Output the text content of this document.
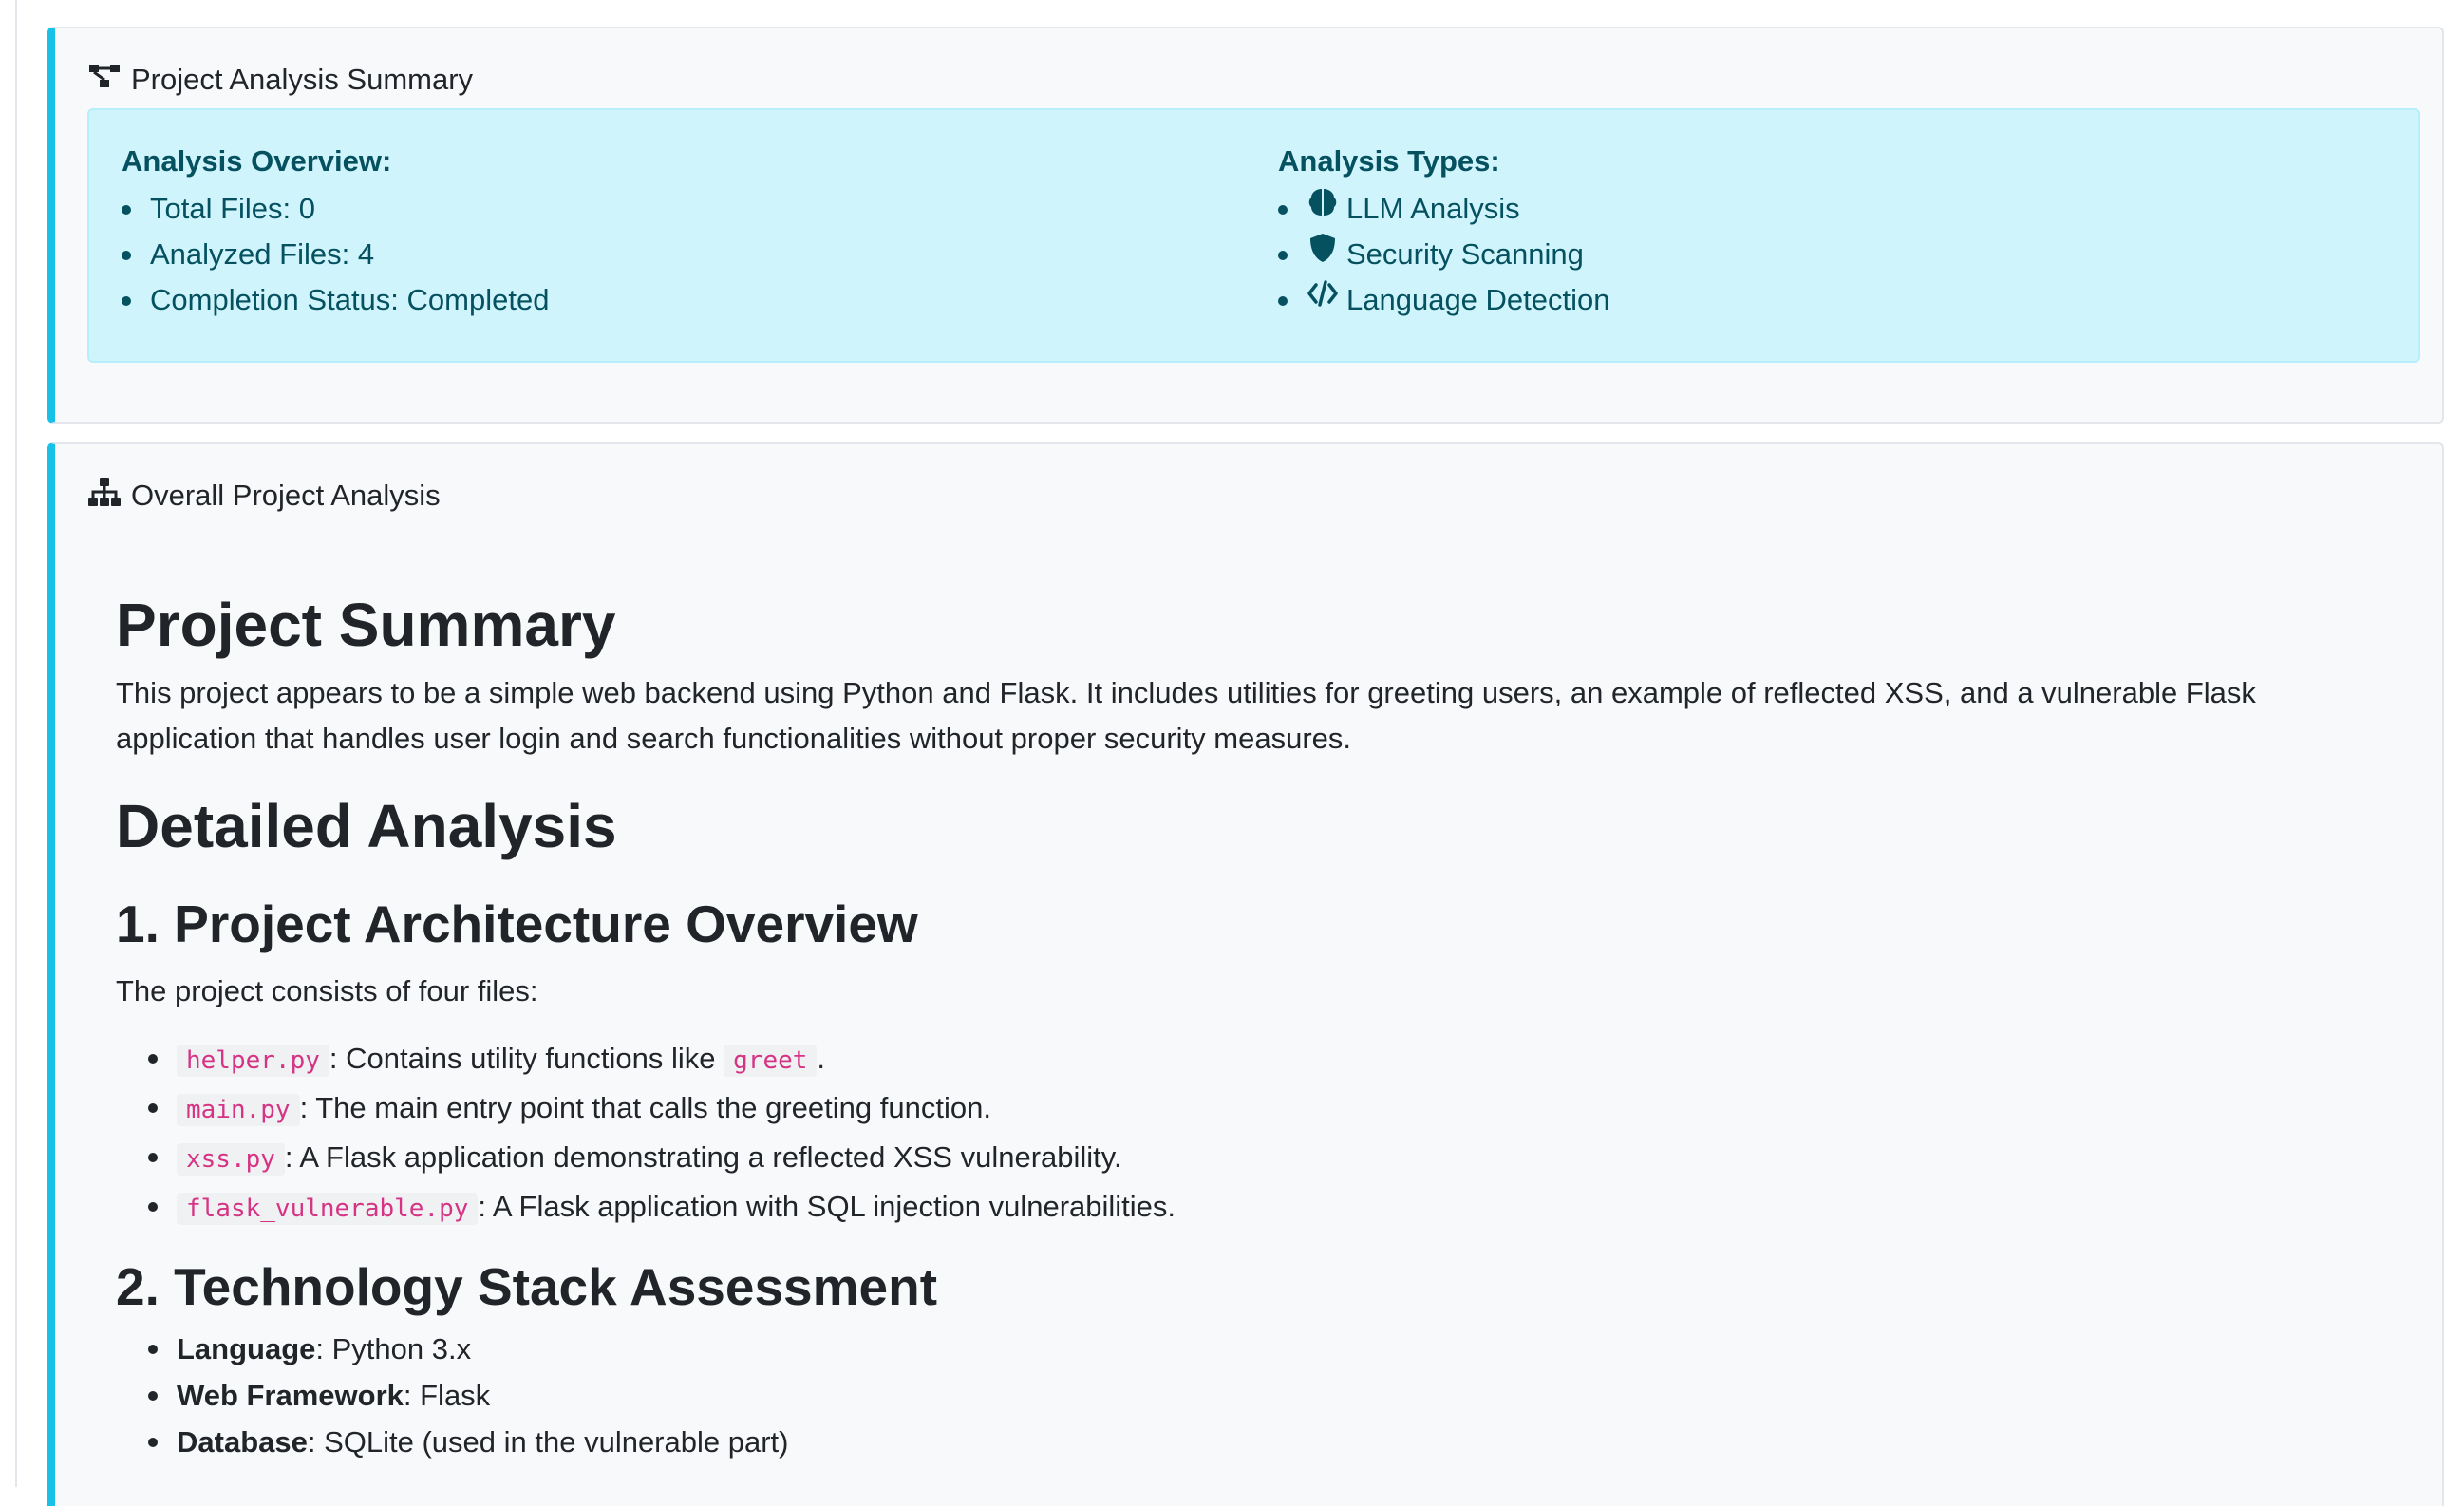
Project Analysis Summary
Analysis Overview:
Total Files: 0
Analyzed Files: 4
Completion Status: Completed
Analysis Types:
LLM Analysis
Security Scanning
Language Detection
Overall Project Analysis
Project Summary

This project appears to be a simple web backend using Python and Flask. It includes utilities for greeting users, an example of reflected XSS, and a vulnerable Flask application that handles user login and search functionalities without proper security measures.

Detailed Analysis
1. Project Architecture Overview

The project consists of four files:

helper.py : Contains utility functions like greet .
main.py : The main entry point that calls the greeting function.
xss.py : A Flask application demonstrating a reflected XSS vulnerability.
flask_vulnerable.py : A Flask application with SQL injection vulnerabilities.
2. Technology Stack Assessment
Language: Python 3.x
Web Framework: Flask
Database: SQLite (used in the vulnerable part)
